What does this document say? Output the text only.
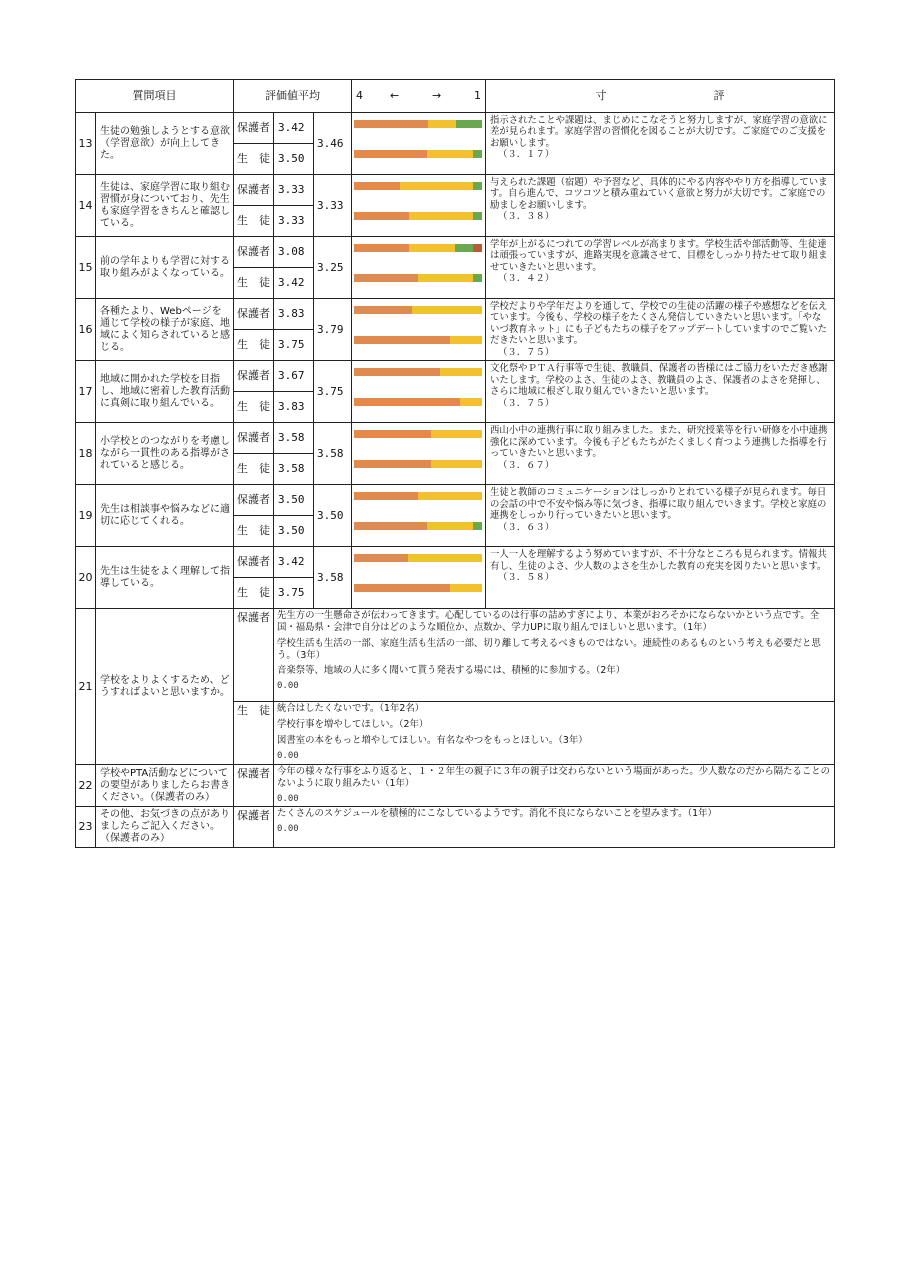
質問項目		評価値平均			4 ← → 1	寸 評
13	生徒の勉強しようとする意欲（学習意欲）が向上してきた。	保護者	3.42	3.46		指示されたことや課題は、まじめにこなそうと努力しますが、家庭学習の意欲に差が見られます。家庭学習の習慣化を図ることが大切です。ご家庭でのご支援をお願いします。
（３．１７）

		生　徒	3.50			
14	生徒は、家庭学習に取り組む習慣が身についており、先生も家庭学習をきちんと確認している。	保護者	3.33	3.33		与えられた課題（宿題）や予習など、具体的にやる内容ややり方を指導しています。自ら進んで、コツコツと積み重ねていく意欲と努力が大切です。ご家庭での励ましをお願いします。
（３．３８）

		生　徒	3.33			
15	前の学年よりも学習に対する取り組みがよくなっている。	保護者	3.08	3.25		学年が上がるにつれての学習レベルが高まります。学校生活や部活動等、生徒達は頑張っていますが、進路実現を意識させて、目標をしっかり持たせて取り組ませていきたいと思います。
（３．４２）

		生　徒	3.42			
16	各種たより、Webページを通じて学校の様子が家庭、地域によく知らされていると感じる。	保護者	3.83	3.79		学校だよりや学年だよりを通して、学校での生徒の活躍の様子や感想などを伝えています。今後も、学校の様子をたくさん発信していきたいと思います。「やないづ教育ネット」にも子どもたちの様子をアップデートしていますのでご覧いただきたいと思います。
（３．７５）

		生　徒	3.75			
17	地域に開かれた学校を目指し、地域に密着した教育活動に真剣に取り組んでいる。	保護者	3.67	3.75		文化祭やＰＴＡ行事等で生徒、教職員、保護者の皆様にはご協力をいただき感謝いたします。学校のよさ、生徒のよさ、教職員のよさ、保護者のよさを発揮し、さらに地域に根ざし取り組んでいきたいと思います。
（３．７５）

		生　徒	3.83			
18	小学校とのつながりを考慮しながら一貫性のある指導がされていると感じる。	保護者	3.58	3.58		西山小中の連携行事に取り組みました。また、研究授業等を行い研修を小中連携強化に深めています。今後も子どもたちがたくましく育つよう連携した指導を行っていきたいと思います。
（３．６７）

		生　徒	3.58			
19	先生は相談事や悩みなどに適切に応じてくれる。	保護者	3.50	3.50		生徒と教師のコミュニケーションはしっかりとれている様子が見られます。毎日の会話の中で不安や悩み等に気づき、指導に取り組んでいきます。学校と家庭の連携をしっかり行っていきたいと思います。
（３．６３）

		生　徒	3.50			
20	先生は生徒をよく理解して指導している。	保護者	3.42	3.58		一人一人を理解するよう努めていますが、不十分なところも見られます。情報共有し、生徒のよさ、少人数のよさを生かした教育の充実を図りたいと思います。
（３．５８）

		生　徒	3.75			
21	学校をよりよくするため、どうすればよいと思いますか。	保護者	先生方の一生懸命さが伝わってきます。心配しているのは行事の詰めすぎにより、本業がおろそかにならないかという点です。全国・福島県・会津で自分はどのような順位か、点数か、学力UPに取り組んでほしいと思います。（1年）

学校生活も生活の一部、家庭生活も生活の一部、切り離して考えるべきものではない。連続性のあるものという考えも必要だと思う。（3年）

音楽祭等、地域の人に多く聞いて貰う発表する場には、積極的に参加する。（2年）

0.00			

		生　徒	統合はしたくないです。（1年2名）

学校行事を増やしてほしい。（2年）

図書室の本をもっと増やしてほしい。有名なやつをもっとほしい。（3年）

0.00			

22	学校やPTA活動などについての要望がありましたらお書きください。（保護者のみ）	保護者	今年の様々な行事をふり返ると、１・２年生の親子に３年の親子は交わらないという場面があった。少人数なのだから隔たることのないように取り組みたい（1年）

0.00			

23	その他、お気づきの点がありましたらご記入ください。（保護者のみ）	保護者	たくさんのスケジュールを積極的にこなしているようです。消化不良にならないことを望みます。（1年）

0.00			
